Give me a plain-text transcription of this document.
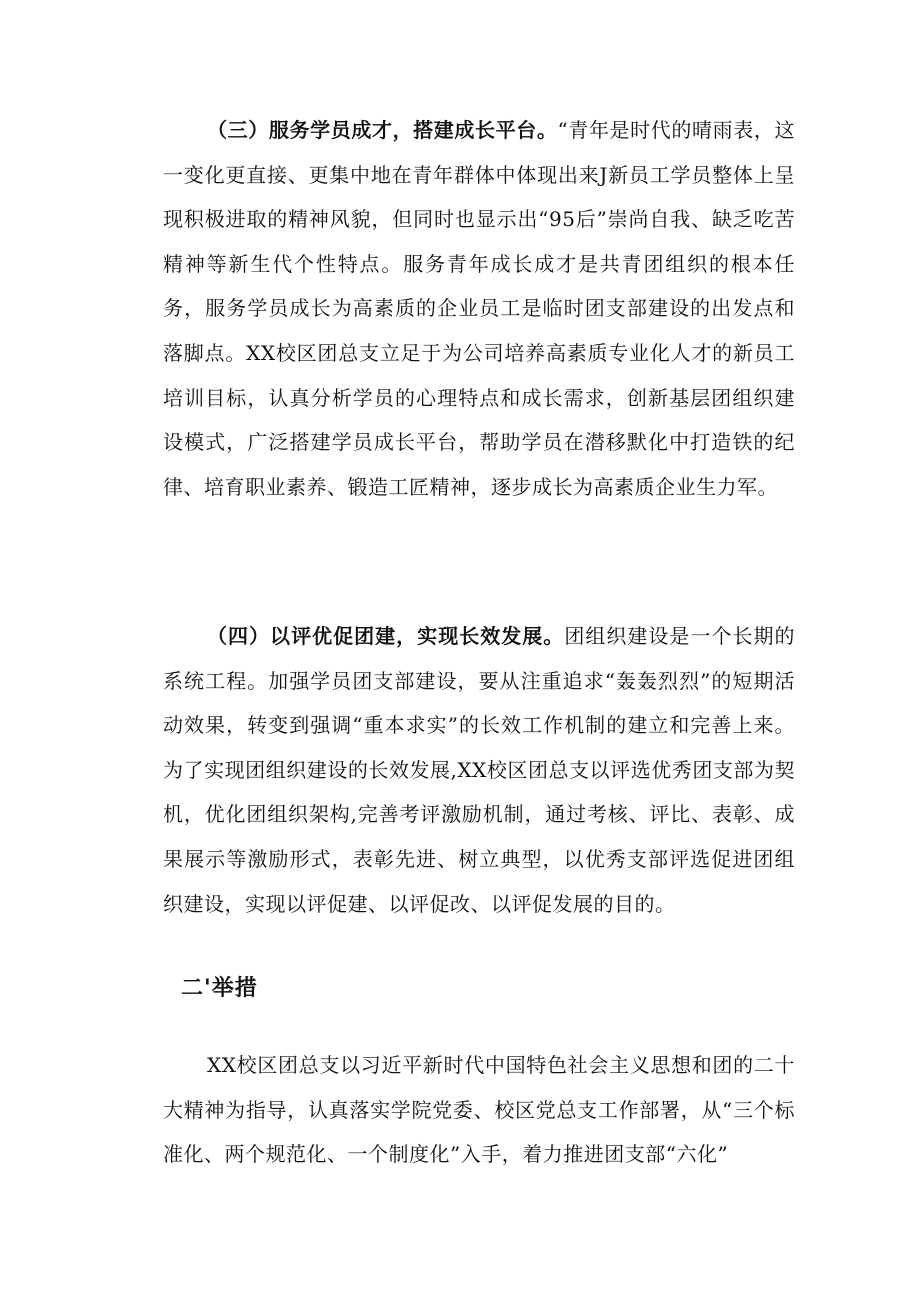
（三）服务学员成才，搭建成长平台。“青年是时代的晴雨表，这一变化更直接、更集中地在青年群体中体现出来J新员工学员整体上呈现积极进取的精神风貌，但同时也显示出“95后”崇尚自我、缺乏吃苦精神等新生代个性特点。服务青年成长成才是共青团组织的根本任务，服务学员成长为高素质的企业员工是临时团支部建设的出发点和落脚点。XX校区团总支立足于为公司培养高素质专业化人才的新员工培训目标，认真分析学员的心理特点和成长需求，创新基层团组织建设模式，广泛搭建学员成长平台，帮助学员在潜移默化中打造铁的纪律、培育职业素养、锻造工匠精神，逐步成长为高素质企业生力军。

（四）以评优促团建，实现长效发展。团组织建设是一个长期的系统工程。加强学员团支部建设，要从注重追求“轰轰烈烈”的短期活动效果，转变到强调“重本求实”的长效工作机制的建立和完善上来。为了实现团组织建设的长效发展,XX校区团总支以评选优秀团支部为契机，优化团组织架构,完善考评激励机制，通过考核、评比、表彰、成果展示等激励形式，表彰先进、树立典型，以优秀支部评选促进团组织建设，实现以评促建、以评促改、以评促发展的目的。

二'举措

XX校区团总支以习近平新时代中国特色社会主义思想和团的二十大精神为指导，认真落实学院党委、校区党总支工作部署，从“三个标准化、两个规范化、一个制度化”入手，着力推进团支部“六化”
